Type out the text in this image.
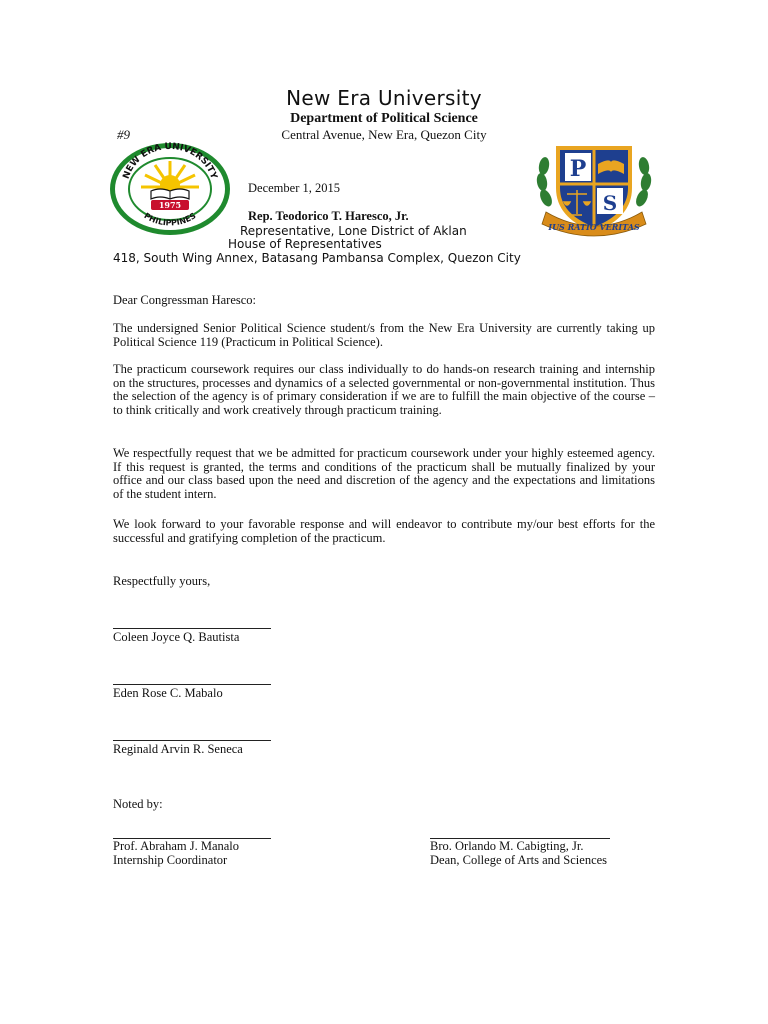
New Era University
Department of Political Science
#9	Central Avenue, New Era, Quezon City
NEW ERA UNIVERSITY
PHILIPPINES
1975
P
S
IUS RATIO VERITAS
December 1, 2015
Rep. Teodorico T. Haresco, Jr.
Representative, Lone District of Aklan
House of Representatives
418, South Wing Annex, Batasang Pambansa Complex, Quezon City
Dear Congressman Haresco:
The undersigned Senior Political Science student/s from the New Era University are currently taking up Political Science 119 (Practicum in Political Science).
The practicum coursework requires our class individually to do hands-on research training and internship on the structures, processes and dynamics of a selected governmental or non-governmental institution. Thus the selection of the agency is of primary consideration if we are to fulfill the main objective of the course – to think critically and work creatively through practicum training.
We respectfully request that we be admitted for practicum coursework under your highly esteemed agency. If this request is granted, the terms and conditions of the practicum shall be mutually finalized by your office and our class based upon the need and discretion of the agency and the expectations and limitations of the student intern.
We look forward to your favorable response and will endeavor to contribute my/our best efforts for the successful and gratifying completion of the practicum.
Respectfully yours,
Coleen Joyce Q. Bautista
Eden Rose C. Mabalo
Reginald Arvin R. Seneca
Noted by:
Prof. Abraham J. Manalo
Internship Coordinator
Bro. Orlando M. Cabigting, Jr.
Dean, College of Arts and Sciences
